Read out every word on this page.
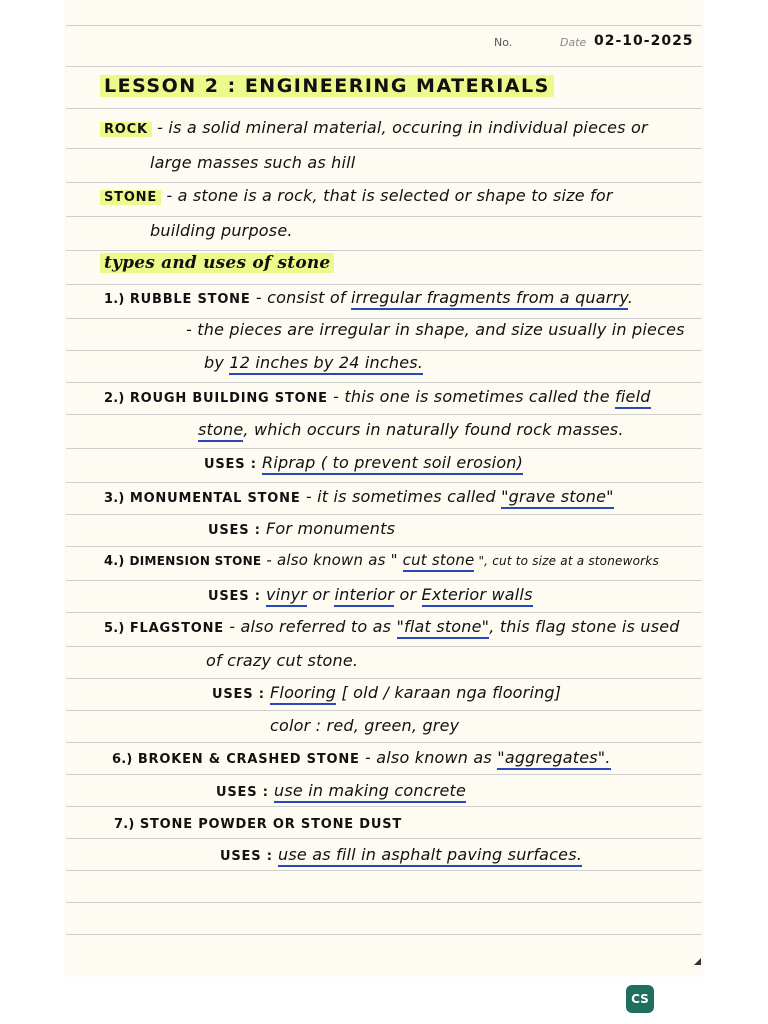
No.	Date 02-10-2025
LESSON 2 : ENGINEERING MATERIALS
ROCK - is a solid mineral material, occuring in individual pieces or
large masses such as hill
STONE - a stone is a rock, that is selected or shape to size for
building purpose.
types and uses of stone
1.) RUBBLE STONE - consist of irregular fragments from a quarry.
- the pieces are irregular in shape, and size usually in pieces
by 12 inches by 24 inches.
2.) ROUGH BUILDING STONE - this one is sometimes called the field
stone, which occurs in naturally found rock masses.
USES : Riprap ( to prevent soil erosion)
3.) MONUMENTAL STONE - it is sometimes called "grave stone"
USES : For monuments
4.) DIMENSION STONE - also known as " cut stone ", cut to size at a stoneworks
USES : vinyr or interior or Exterior walls
5.) FLAGSTONE - also referred to as "flat stone", this flag stone is used
of crazy cut stone.
USES : Flooring [ old / karaan nga flooring]
color : red, green, grey
6.) BROKEN & CRASHED STONE - also known as "aggregates".
USES : use in making concrete
7.) STONE POWDER OR STONE DUST
USES : use as fill in asphalt paving surfaces.
CS
